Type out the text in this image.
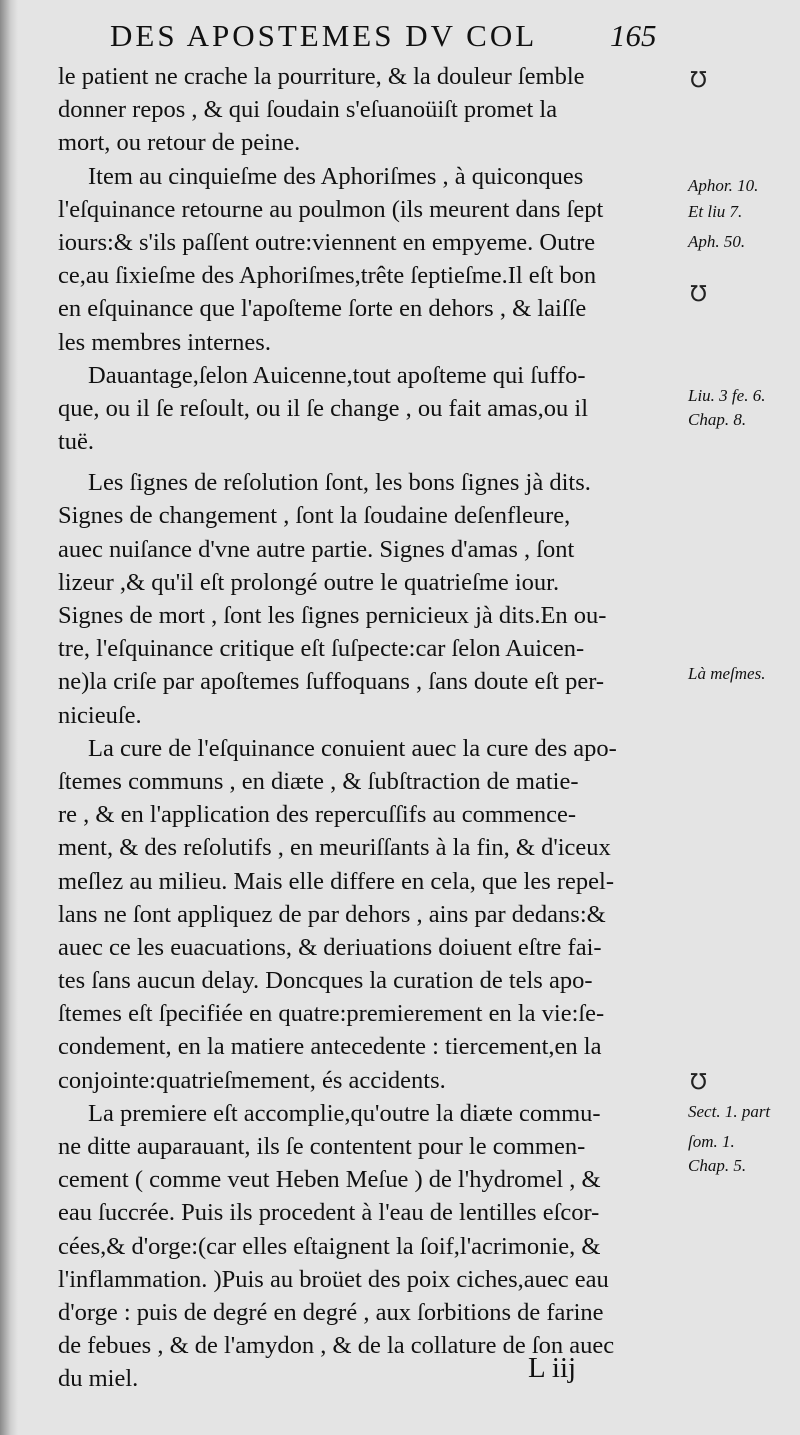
DES APOSTEMES DV COL 165
le patient ne crache la pourriture, & la douleur ſemble
donner repos , & qui ſoudain s'eſuanoüiſt promet la
mort, ou retour de peine.
Item au cinquieſme des Aphoriſmes , à quiconques
l'eſquinance retourne au poulmon (ils meurent dans ſept
iours:& s'ils paſſent outre:viennent en empyeme. Outre
ce,au ſixieſme des Aphoriſmes,trête ſeptieſme.Il eſt bon
en eſquinance que l'apoſteme ſorte en dehors , & laiſſe
les membres internes.
Dauantage,ſelon Auicenne,tout apoſteme qui ſuffo-
que, ou il ſe reſoult, ou il ſe change , ou fait amas,ou il
tuë.
Les ſignes de reſolution ſont, les bons ſignes jà dits.
Signes de changement , ſont la ſoudaine deſenfleure,
auec nuiſance d'vne autre partie. Signes d'amas , ſont
lizeur ,& qu'il eſt prolongé outre le quatrieſme iour.
Signes de mort , ſont les ſignes pernicieux jà dits.En ou-
tre, l'eſquinance critique eſt ſuſpecte:car ſelon Auicen-
ne)la criſe par apoſtemes ſuffoquans , ſans doute eſt per-
nicieuſe.
La cure de l'eſquinance conuient auec la cure des apo-
ſtemes communs , en diæte , & ſubſtraction de matie-
re , & en l'application des repercuſſifs au commence-
ment, & des reſolutifs , en meuriſſants à la fin, & d'iceux
meſlez au milieu. Mais elle differe en cela, que les repel-
lans ne ſont appliquez de par dehors , ains par dedans:&
auec ce les euacuations, & deriuations doiuent eſtre fai-
tes ſans aucun delay. Doncques la curation de tels apo-
ſtemes eſt ſpecifiée en quatre:premierement en la vie:ſe-
condement, en la matiere antecedente : tiercement,en la
conjointe:quatrieſmement, és accidents.
La premiere eſt accomplie,qu'outre la diæte commu-
ne ditte auparauant, ils ſe contentent pour le commen-
cement ( comme veut Heben Meſue ) de l'hydromel , &
eau ſuccrée. Puis ils procedent à l'eau de lentilles eſcor-
cées,& d'orge:(car elles eſtaignent la ſoif,l'acrimonie, &
l'inflammation. )Puis au broüet des poix ciches,auec eau
d'orge : puis de degré en degré , aux ſorbitions de farine
de febues , & de l'amydon , & de la collature de ſon auec
du miel.
℧
Aphor. 10.
Et liu 7.
Aph. 50.
℧
Liu. 3 fe. 6.
Chap. 8.
Là meſmes.
℧
Sect. 1. part
ſom. 1.
Chap. 5.
L iij
